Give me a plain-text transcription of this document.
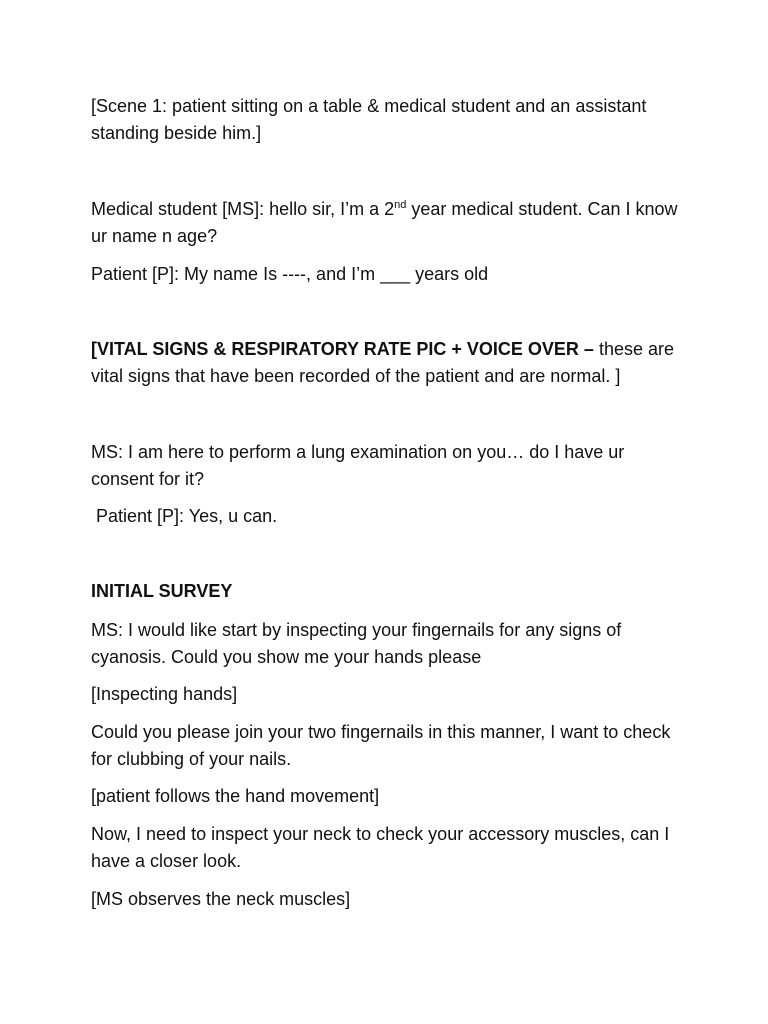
[Scene 1: patient sitting on a table & medical student and an assistant standing beside him.]

Medical student [MS]: hello sir, I’m a 2nd year medical student. Can I know ur name n age?

Patient [P]: My name Is ----, and I’m ___ years old

[VITAL SIGNS & RESPIRATORY RATE PIC + VOICE OVER – these are vital signs that have been recorded of the patient and are normal. ]

MS: I am here to perform a lung examination on you… do I have ur consent for it?

Patient [P]: Yes, u can.

INITIAL SURVEY

MS: I would like start by inspecting your fingernails for any signs of cyanosis. Could you show me your hands please

[Inspecting hands]

Could you please join your two fingernails in this manner, I want to check for clubbing of your nails.

[patient follows the hand movement]

Now, I need to inspect your neck to check your accessory muscles, can I have a closer look.

[MS observes the neck muscles]
